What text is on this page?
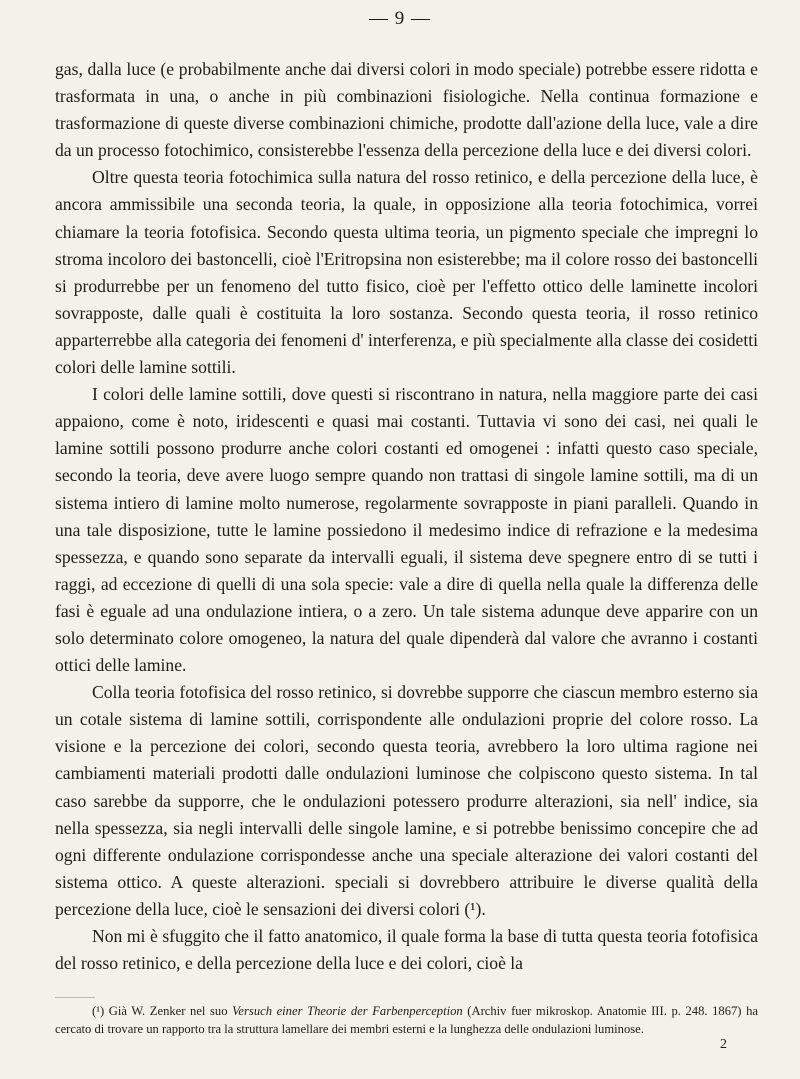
— 9 —

gas, dalla luce (e probabilmente anche dai diversi colori in modo speciale) potrebbe essere ridotta e trasformata in una, o anche in più combinazioni fisiologiche. Nella continua formazione e trasformazione di queste diverse combinazioni chimiche, prodotte dall'azione della luce, vale a dire da un processo fotochimico, consisterebbe l'essenza della percezione della luce e dei diversi colori.

Oltre questa teoria fotochimica sulla natura del rosso retinico, e della percezione della luce, è ancora ammissibile una seconda teoria, la quale, in opposizione alla teoria fotochimica, vorrei chiamare la teoria fotofisica. Secondo questa ultima teoria, un pigmento speciale che impregni lo stroma incoloro dei bastoncelli, cioè l'Eritropsina non esisterebbe; ma il colore rosso dei bastoncelli si produrrebbe per un fenomeno del tutto fisico, cioè per l'effetto ottico delle laminette incolori sovrapposte, dalle quali è costituita la loro sostanza. Secondo questa teoria, il rosso retinico apparterrebbe alla categoria dei fenomeni d' interferenza, e più specialmente alla classe dei cosidetti colori delle lamine sottili.

I colori delle lamine sottili, dove questi si riscontrano in natura, nella maggiore parte dei casi appaiono, come è noto, iridescenti e quasi mai costanti. Tuttavia vi sono dei casi, nei quali le lamine sottili possono produrre anche colori costanti ed omogenei : infatti questo caso speciale, secondo la teoria, deve avere luogo sempre quando non trattasi di singole lamine sottili, ma di un sistema intiero di lamine molto numerose, regolarmente sovrapposte in piani paralleli. Quando in una tale disposizione, tutte le lamine possiedono il medesimo indice di refrazione e la medesima spessezza, e quando sono separate da intervalli eguali, il sistema deve spegnere entro di se tutti i raggi, ad eccezione di quelli di una sola specie: vale a dire di quella nella quale la differenza delle fasi è eguale ad una ondulazione intiera, o a zero. Un tale sistema adunque deve apparire con un solo determinato colore omogeneo, la natura del quale dipenderà dal valore che avranno i costanti ottici delle lamine.

Colla teoria fotofisica del rosso retinico, si dovrebbe supporre che ciascun membro esterno sia un cotale sistema di lamine sottili, corrispondente alle ondulazioni proprie del colore rosso. La visione e la percezione dei colori, secondo questa teoria, avrebbero la loro ultima ragione nei cambiamenti materiali prodotti dalle ondulazioni luminose che colpiscono questo sistema. In tal caso sarebbe da supporre, che le ondulazioni potessero produrre alterazioni, sia nell' indice, sia nella spessezza, sia negli intervalli delle singole lamine, e si potrebbe benissimo concepire che ad ogni differente ondulazione corrispondesse anche una speciale alterazione dei valori costanti del sistema ottico. A queste alterazioni. speciali si dovrebbero attribuire le diverse qualità della percezione della luce, cioè le sensazioni dei diversi colori (¹).

Non mi è sfuggito che il fatto anatomico, il quale forma la base di tutta questa teoria fotofisica del rosso retinico, e della percezione della luce e dei colori, cioè la

(¹) Già W. Zenker nel suo Versuch einer Theorie der Farbenperception (Archiv fuer mikroskop. Anatomie III. p. 248. 1867) ha cercato di trovare un rapporto tra la struttura lamellare dei membri esterni e la lunghezza delle ondulazioni luminose.
2
